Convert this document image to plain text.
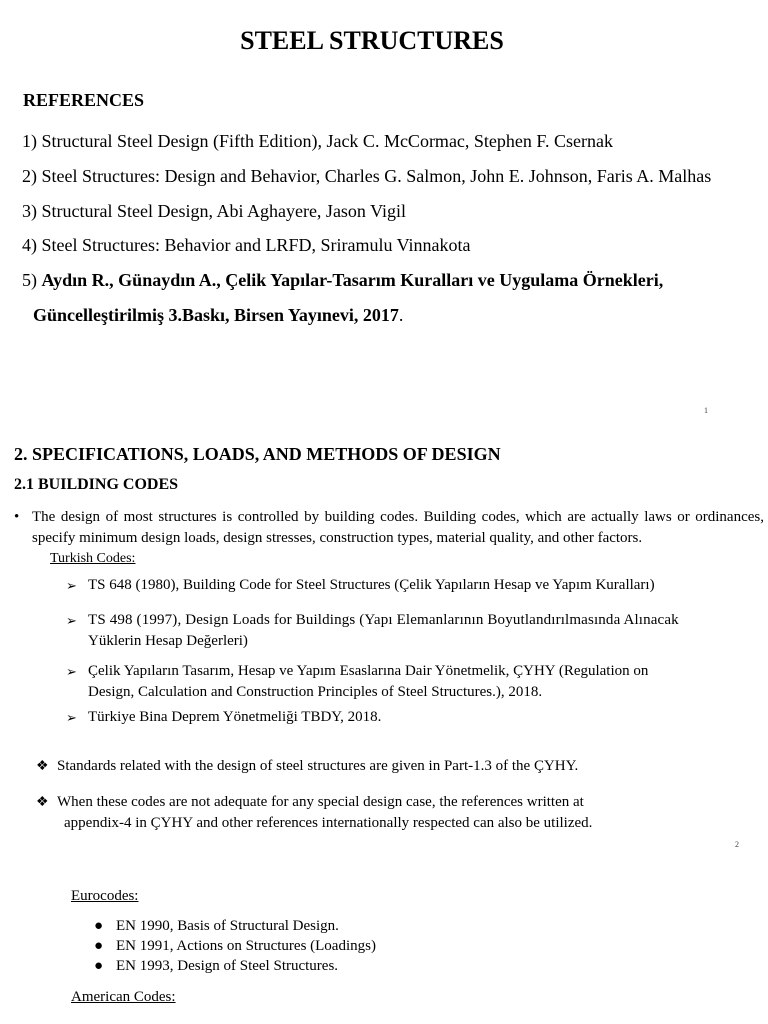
STEEL STRUCTURES
REFERENCES
1) Structural Steel Design (Fifth Edition), Jack C. McCormac, Stephen F. Csernak
2) Steel Structures: Design and Behavior, Charles G. Salmon, John E. Johnson, Faris A. Malhas
3) Structural Steel Design, Abi Aghayere, Jason Vigil
4) Steel Structures: Behavior and LRFD, Sriramulu Vinnakota
5) Aydın R., Günaydın A., Çelik Yapılar-Tasarım Kuralları ve Uygulama Örnekleri,
Güncelleştirilmiş 3.Baskı, Birsen Yayınevi, 2017.
1
2. SPECIFICATIONS, LOADS, AND METHODS OF DESIGN
2.1 BUILDING CODES
• The design of most structures is controlled by building codes. Building codes, which are actually laws or ordinances, specify minimum design loads, design stresses, construction types, material quality, and other factors.
Turkish Codes:
➢ TS 648 (1980), Building Code for Steel Structures (Çelik Yapıların Hesap ve Yapım Kuralları)
➢ TS 498 (1997), Design Loads for Buildings (Yapı Elemanlarının Boyutlandırılmasında Alınacak
Yüklerin Hesap Değerleri)
➢ Çelik Yapıların Tasarım, Hesap ve Yapım Esaslarına Dair Yönetmelik, ÇYHY (Regulation on
Design, Calculation and Construction Principles of Steel Structures.), 2018.
➢ Türkiye Bina Deprem Yönetmeliği TBDY, 2018.
❖ Standards related with the design of steel structures are given in Part-1.3 of the ÇYHY.
❖ When these codes are not adequate for any special design case, the references written at
appendix-4 in ÇYHY and other references internationally respected can also be utilized.
2
Eurocodes:
● EN 1990, Basis of Structural Design.
● EN 1991, Actions on Structures (Loadings)
● EN 1993, Design of Steel Structures.
American Codes:
